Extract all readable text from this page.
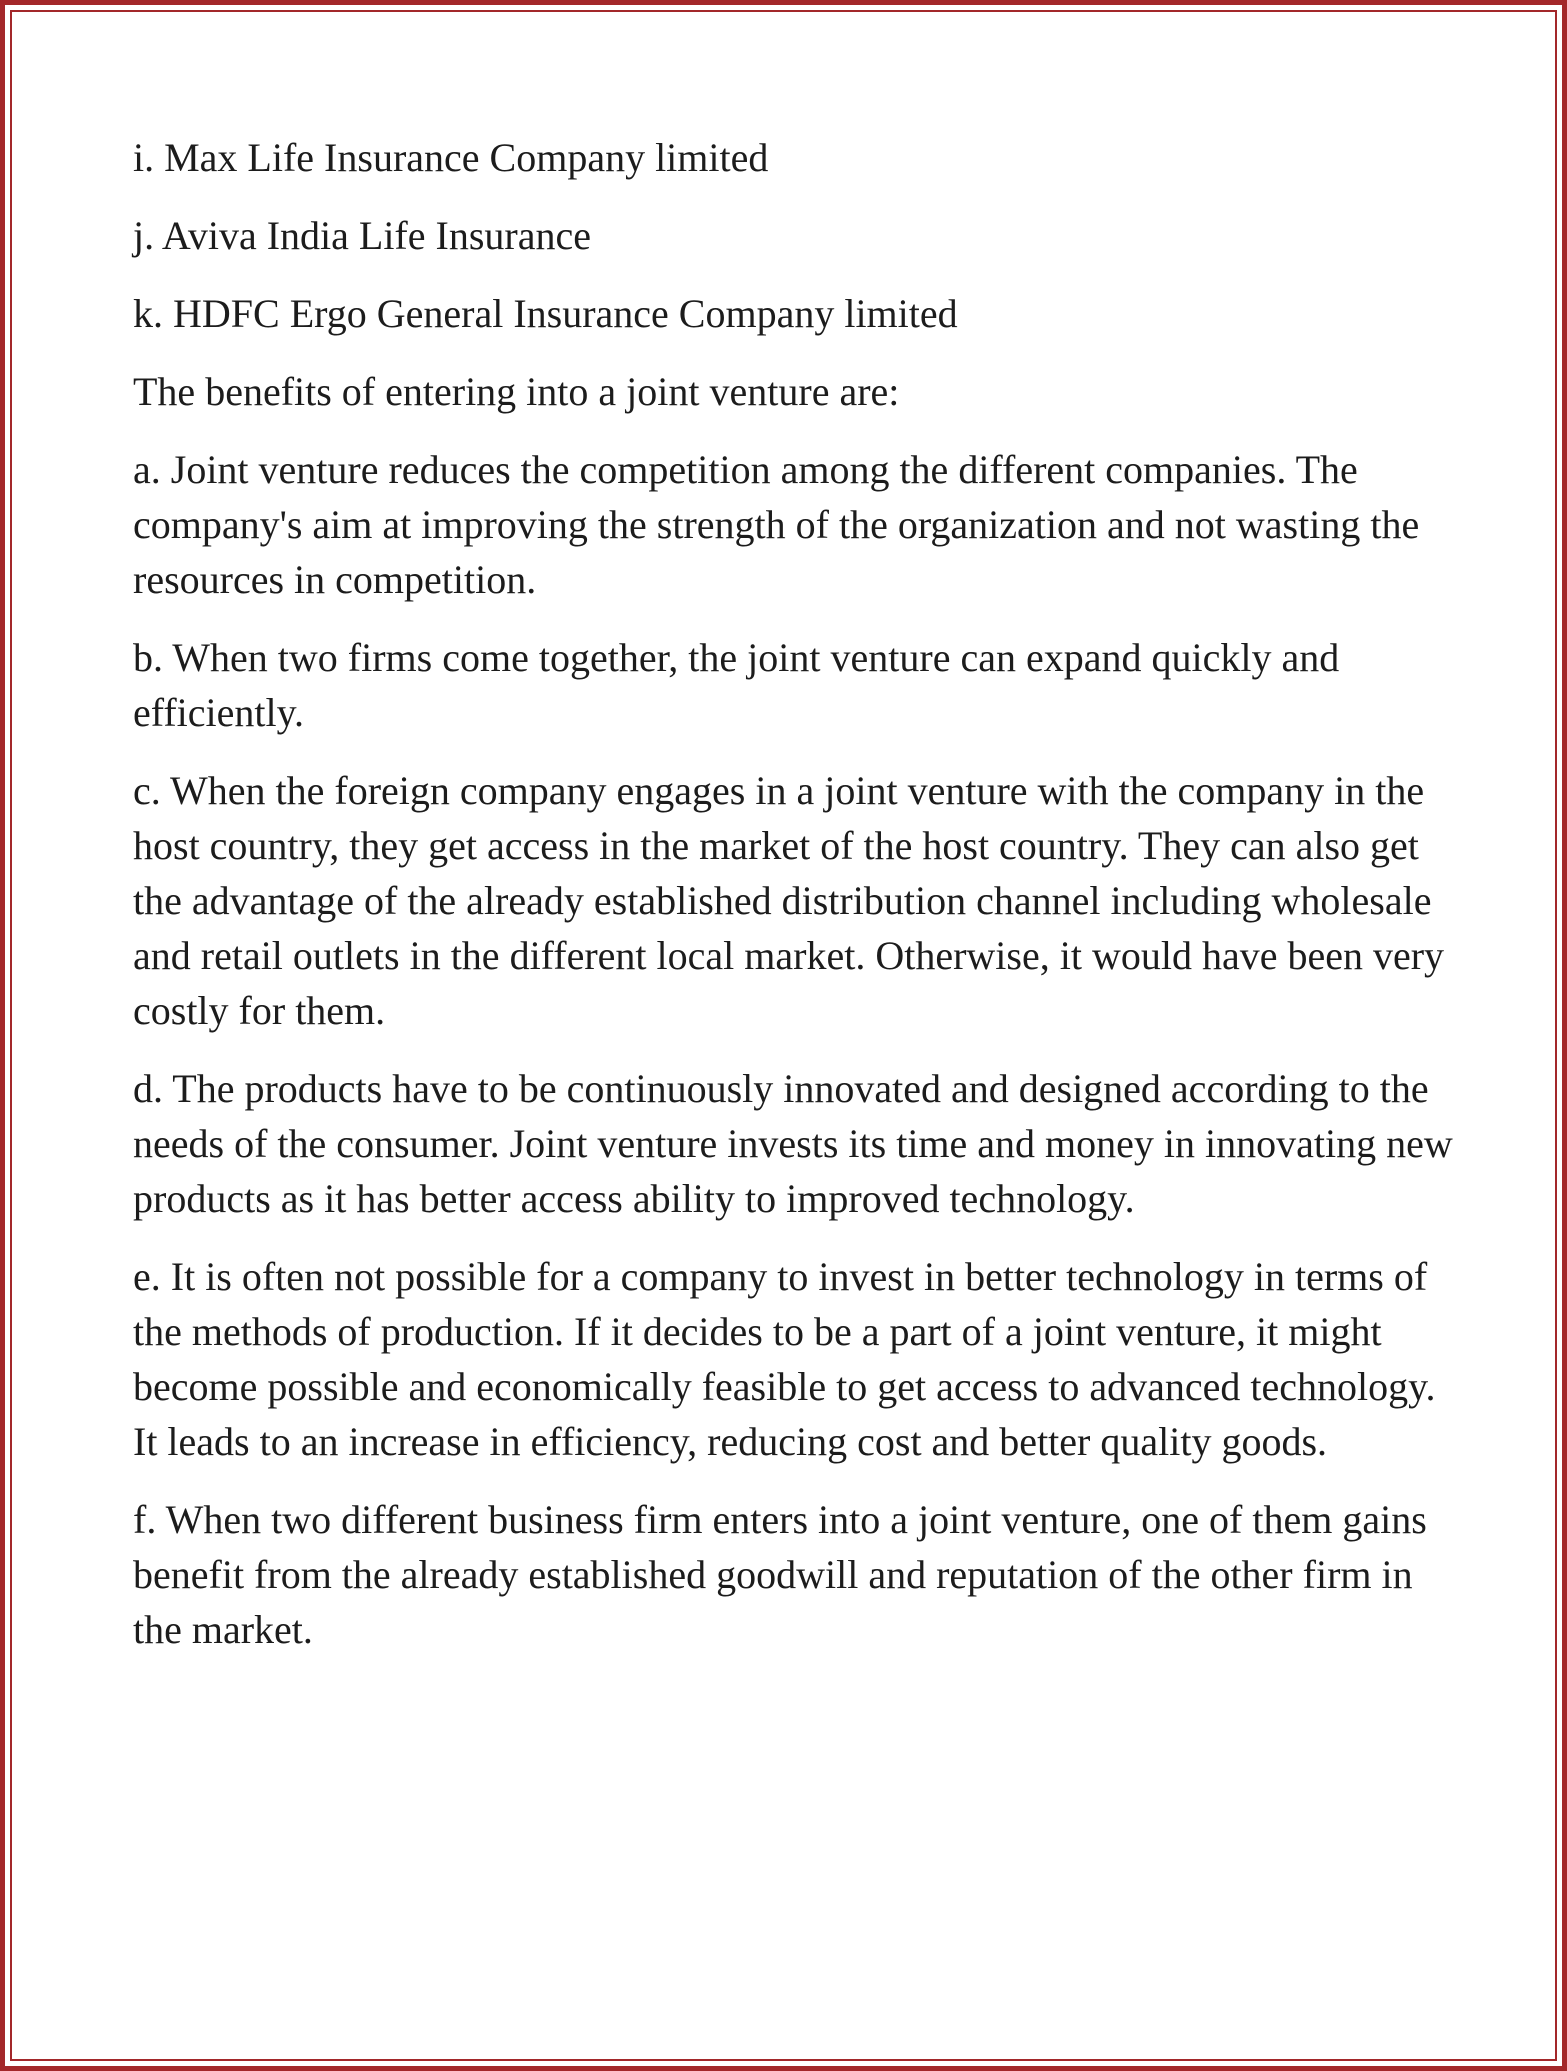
i. Max Life Insurance Company limited

j. Aviva India Life Insurance

k. HDFC Ergo General Insurance Company limited

The benefits of entering into a joint venture are:

a. Joint venture reduces the competition among the different companies. The company's aim at improving the strength of the organization and not wasting the resources in competition.

b. When two firms come together, the joint venture can expand quickly and efficiently.

c. When the foreign company engages in a joint venture with the company in the host country, they get access in the market of the host country. They can also get the advantage of the already established distribution channel including wholesale and retail outlets in the different local market. Otherwise, it would have been very costly for them.

d. The products have to be continuously innovated and designed according to the needs of the consumer. Joint venture invests its time and money in innovating new products as it has better access ability to improved technology.

e. It is often not possible for a company to invest in better technology in terms of the methods of production. If it decides to be a part of a joint venture, it might become possible and economically feasible to get access to advanced technology. It leads to an increase in efficiency, reducing cost and better quality goods.

f. When two different business firm enters into a joint venture, one of them gains benefit from the already established goodwill and reputation of the other firm in the market.
